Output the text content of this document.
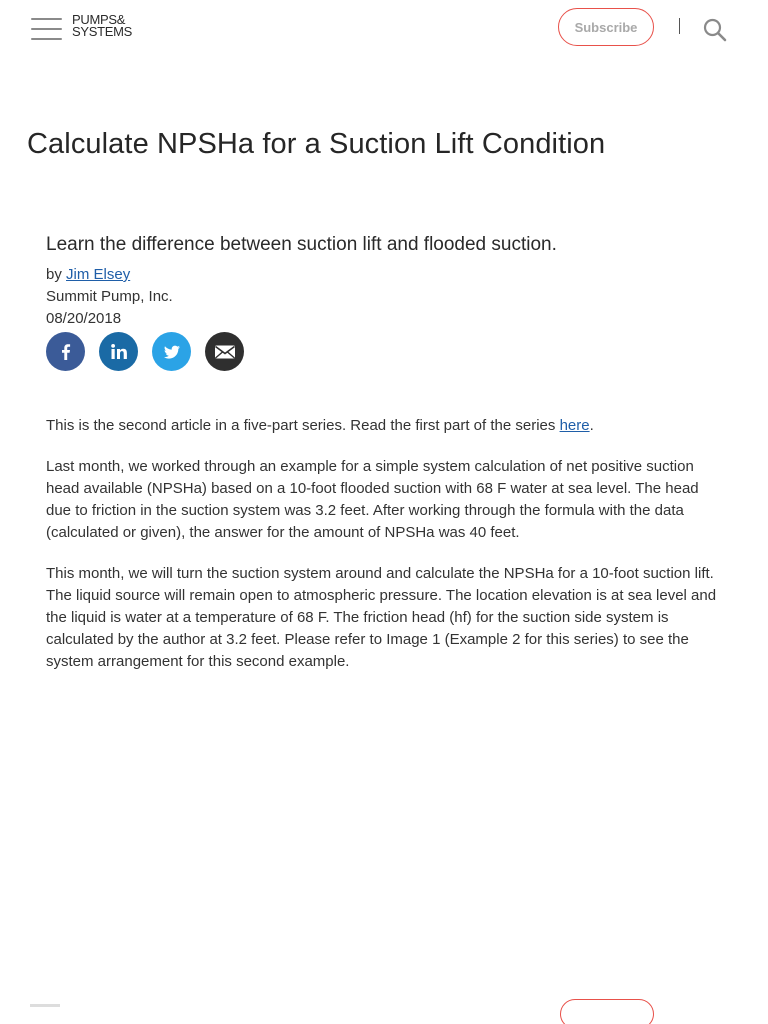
PUMPS&
SYSTEMS	Subscribe
Calculate NPSHa for a Suction Lift Condition
Learn the difference between suction lift and flooded suction.
by Jim Elsey
Summit Pump, Inc.
08/20/2018

This is the second article in a five-part series. Read the first part of the series here.

Last month, we worked through an example for a simple system calculation of net positive suction head available (NPSHa) based on a 10-foot flooded suction with 68 F water at sea level. The head due to friction in the suction system was 3.2 feet. After working through the formula with the data (calculated or given), the answer for the amount of NPSHa was 40 feet.

This month, we will turn the suction system around and calculate the NPSHa for a 10-foot suction lift. The liquid source will remain open to atmospheric pressure. The location elevation is at sea level and the liquid is water at a temperature of 68 F. The friction head (hf) for the suction side system is calculated by the author at 3.2 feet. Please refer to Image 1 (Example 2 for this series) to see the system arrangement for this second example.
